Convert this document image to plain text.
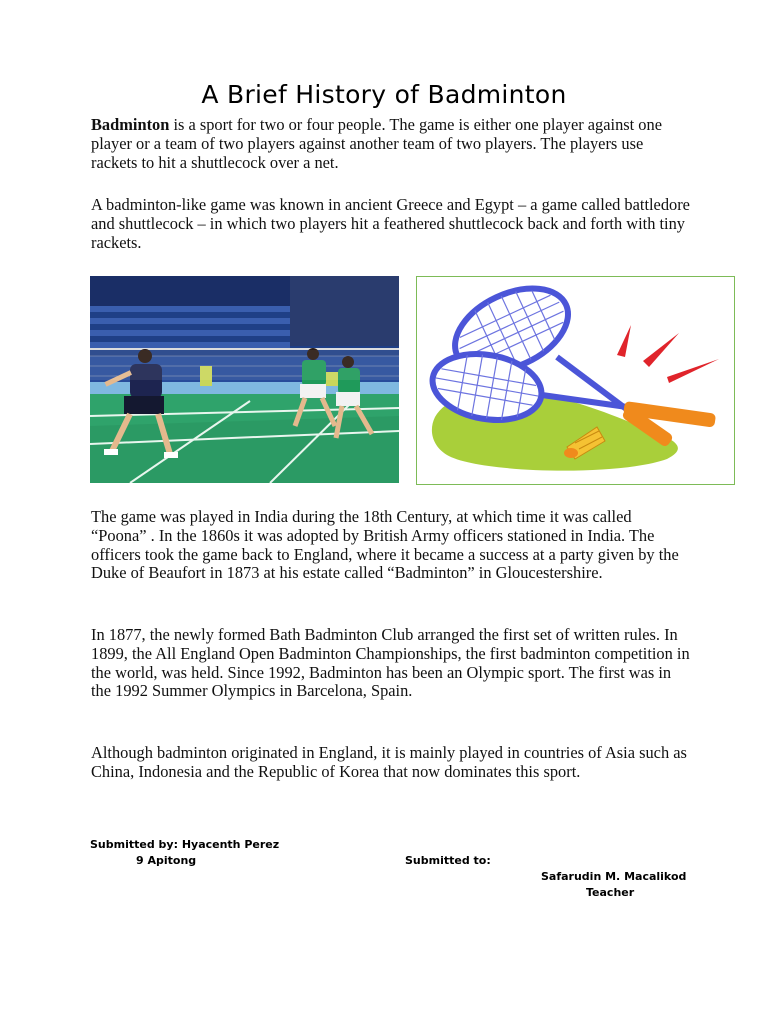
A Brief History of Badminton

Badminton is a sport for two or four people. The game is either one player against one player or a team of two players against another team of two players. The players use rackets to hit a shuttlecock over a net.

A badminton-like game was known in ancient Greece and Egypt – a game called battledore and shuttlecock – in which two players hit a feathered shuttlecock back and forth with tiny rackets.

The game was played in India during the 18th Century, at which time it was called “Poona” . In the 1860s it was adopted by British Army officers stationed in India. The officers took the game back to England, where it became a success at a party given by the Duke of Beaufort in 1873 at his estate called “Badminton” in Gloucestershire.

In 1877, the newly formed Bath Badminton Club arranged the first set of written rules. In 1899, the All England Open Badminton Championships, the first badminton competition in the world, was held. Since 1992, Badminton has been an Olympic sport. The first was in the 1992 Summer Olympics in Barcelona, Spain.

Although badminton originated in England, it is mainly played in countries of Asia such as China, Indonesia and the Republic of Korea that now dominates this sport.

Submitted by: Hyacenth Perez
9 Apitong	Submitted to:
Safarudin M. Macalikod
Teacher
